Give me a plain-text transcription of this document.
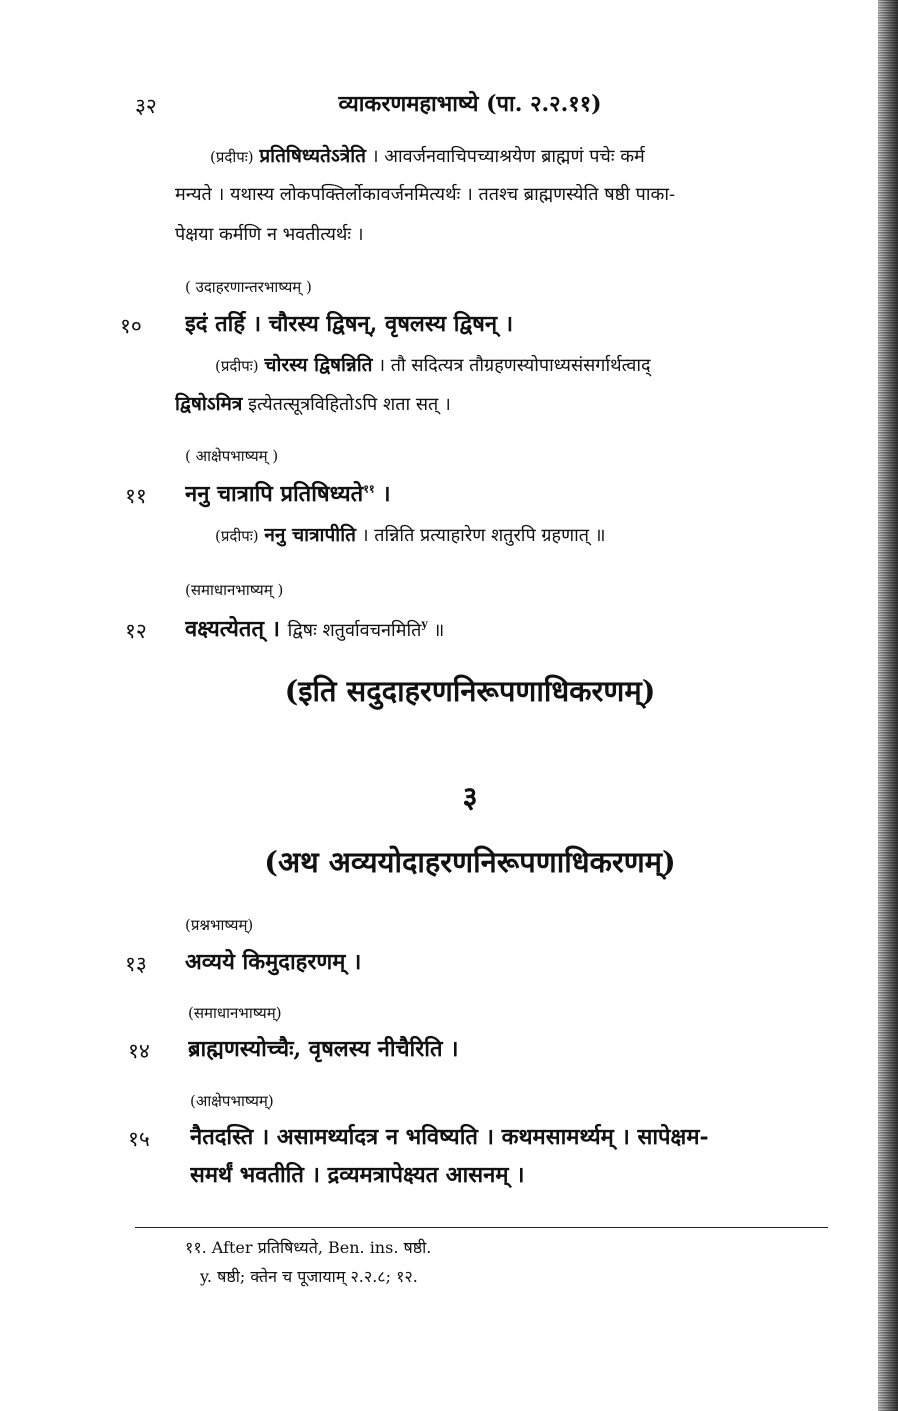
३२	व्याकरणमहाभाष्ये (पा. २.२.११)
(प्रदीपः) प्रतिषिध्यतेऽत्रेति । आवर्जनवाचिपच्याश्रयेण ब्राह्मणं पचेः कर्म
मन्यते । यथास्य लोकपक्तिर्लोकावर्जनमित्यर्थः । ततश्च ब्राह्मणस्येति षष्ठी पाका-
पेक्षया कर्मणि न भवतीत्यर्थः ।
( उदाहरणान्तरभाष्यम् )
१०	इदं तर्हि । चौरस्य द्विषन्, वृषलस्य द्विषन् ।
(प्रदीपः) चोरस्य द्विषन्निति । तौ सदित्यत्र तौग्रहणस्योपाध्यसंसर्गार्थत्वाद्
द्विषोऽमित्र इत्येतत्सूत्रविहितोऽपि शता सत् ।
( आक्षेपभाष्यम् )
११	ननु चात्रापि प्रतिषिध्यते$^{११}$ ।
(प्रदीपः) ननु चात्रापीति । तन्निति प्रत्याहारेण शतुरपि ग्रहणात् ॥
(समाधानभाष्यम् )
१२	वक्ष्यत्येतत् । द्विषः शतुर्वावचनमिति$^y$ ॥
(इति सदुदाहरणनिरूपणाधिकरणम्)
३
(अथ अव्ययोदाहरणनिरूपणाधिकरणम्)
(प्रश्नभाष्यम्)
१३	अव्यये किमुदाहरणम् ।
(समाधानभाष्यम्)
१४	ब्राह्मणस्योच्चैः, वृषलस्य नीचैरिति ।
(आक्षेपभाष्यम्)
१५	नैतदस्ति । असामर्थ्यादत्र न भविष्यति । कथमसामर्थ्यम् । सापेक्षम-
समर्थं भवतीति । द्रव्यमत्रापेक्ष्यत आसनम् ।
११. After प्रतिषिध्यते, Ben. ins. षष्ठी.
y. षष्ठी; क्तेन च पूजायाम् २.२.८; १२.
